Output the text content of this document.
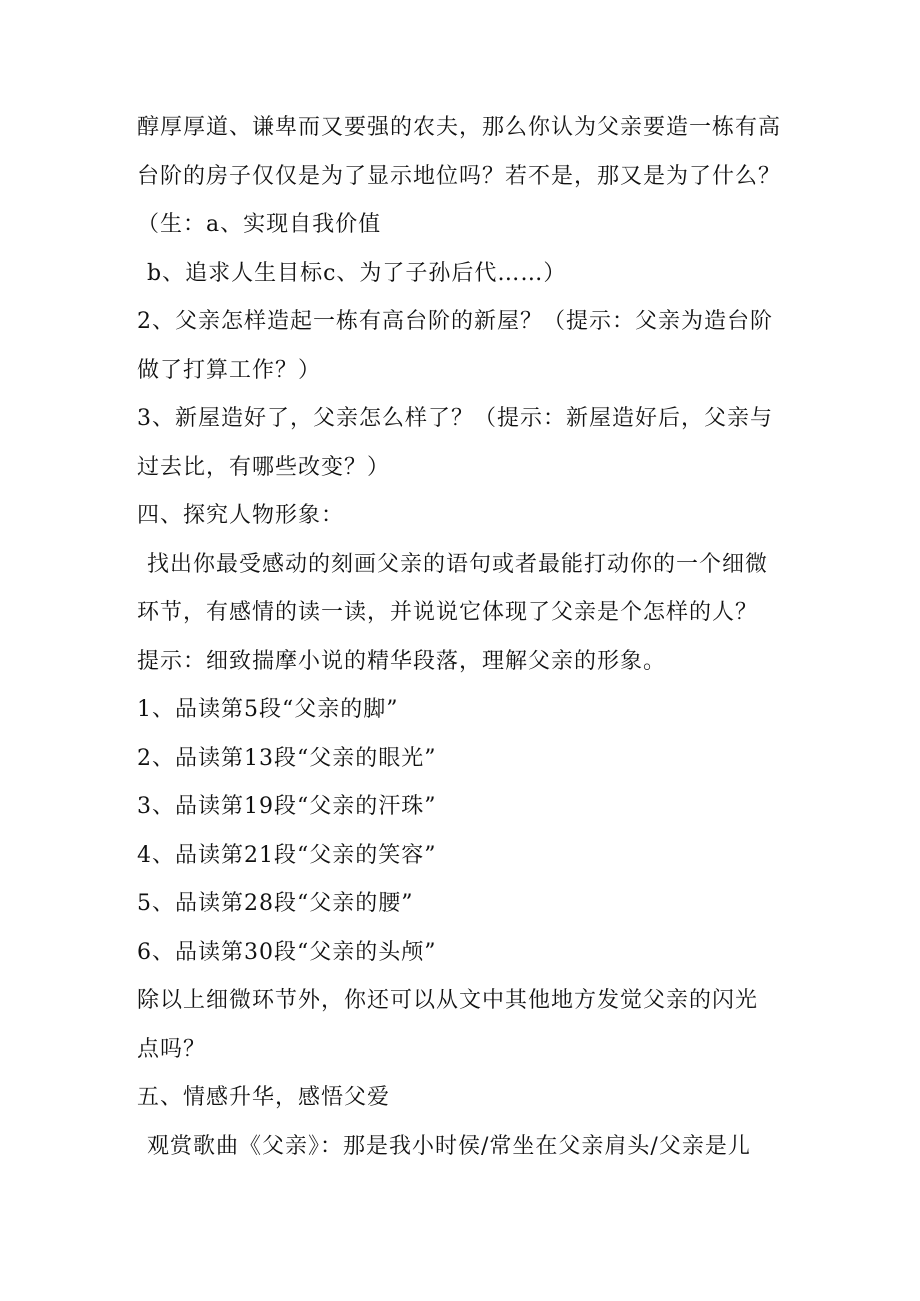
醇厚厚道、谦卑而又要强的农夫，那么你认为父亲要造一栋有高
台阶的房子仅仅是为了显示地位吗？若不是，那又是为了什么？
（生：a、实现自我价值
b、追求人生目标c、为了子孙后代……）
2、父亲怎样造起一栋有高台阶的新屋？（提示：父亲为造台阶
做了打算工作？）
3、新屋造好了，父亲怎么样了？（提示：新屋造好后，父亲与
过去比，有哪些改变？）
四、探究人物形象：
找出你最受感动的刻画父亲的语句或者最能打动你的一个细微
环节，有感情的读一读，并说说它体现了父亲是个怎样的人？
提示：细致揣摩小说的精华段落，理解父亲的形象。
1、品读第5段“父亲的脚”
2、品读第13段“父亲的眼光”
3、品读第19段“父亲的汗珠”
4、品读第21段“父亲的笑容”
5、品读第28段“父亲的腰”
6、品读第30段“父亲的头颅”
除以上细微环节外，你还可以从文中其他地方发觉父亲的闪光
点吗？
五、情感升华，感悟父爱
观赏歌曲《父亲》：那是我小时侯/常坐在父亲肩头/父亲是儿
